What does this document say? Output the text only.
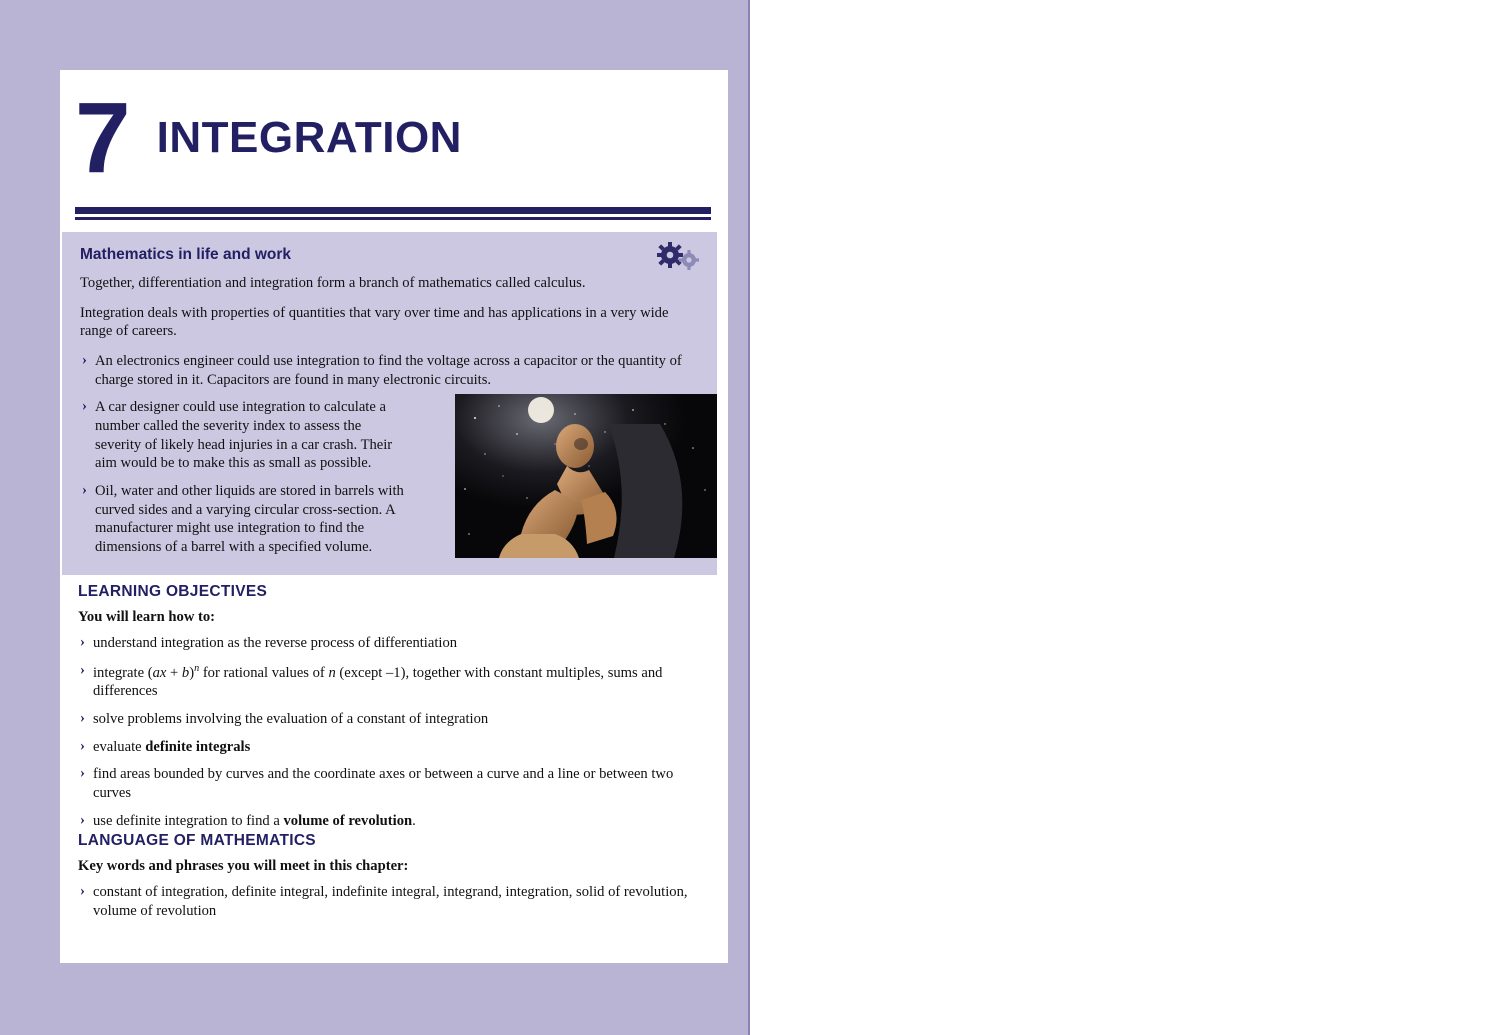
7 INTEGRATION
Mathematics in life and work

Together, differentiation and integration form a branch of mathematics called calculus.

Integration deals with properties of quantities that vary over time and has applications in a very wide range of careers.

› An electronics engineer could use integration to find the voltage across a capacitor or the quantity of charge stored in it. Capacitors are found in many electronic circuits.
› A car designer could use integration to calculate a number called the severity index to assess the severity of likely head injuries in a car crash. Their aim would be to make this as small as possible.
› Oil, water and other liquids are stored in barrels with curved sides and a varying circular cross-section. A manufacturer might use integration to find the dimensions of a barrel with a specified volume.
LEARNING OBJECTIVES
You will learn how to:
› understand integration as the reverse process of differentiation
› integrate (ax + b)$^n$ for rational values of n (except –1), together with constant multiples, sums and differences
› solve problems involving the evaluation of a constant of integration
› evaluate definite integrals
› find areas bounded by curves and the coordinate axes or between a curve and a line or between two curves
› use definite integration to find a volume of revolution.
LANGUAGE OF MATHEMATICS
Key words and phrases you will meet in this chapter:
› constant of integration, definite integral, indefinite integral, integrand, integration, solid of revolution, volume of revolution
